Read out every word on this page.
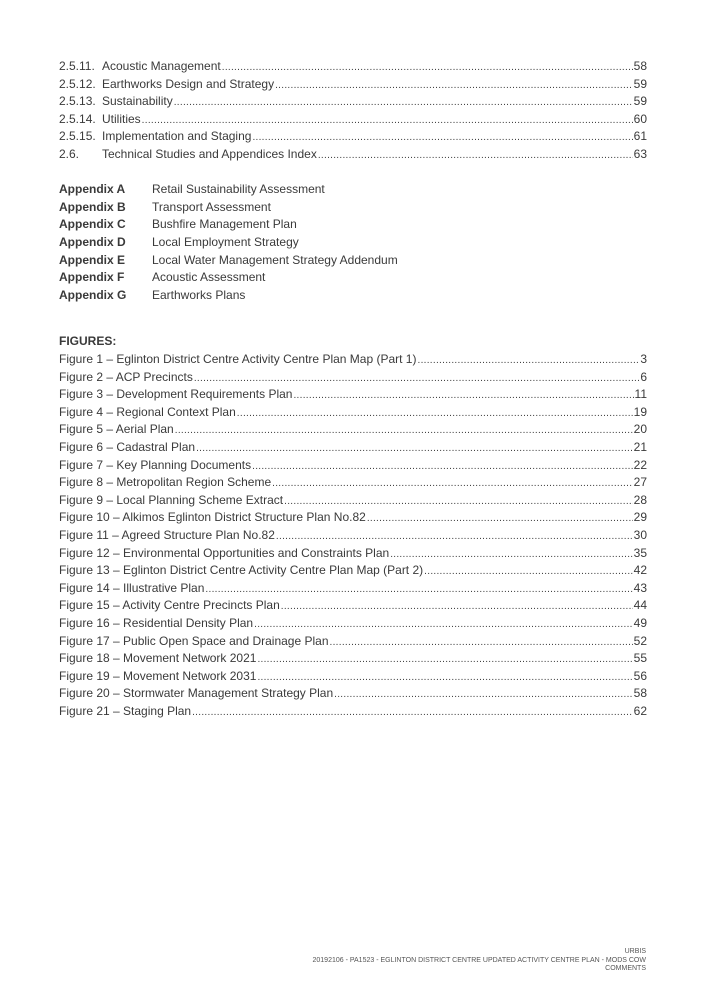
2.5.11. Acoustic Management .....	58
2.5.12. Earthworks Design and Strategy .....	59
2.5.13. Sustainability .....	59
2.5.14. Utilities .....	60
2.5.15. Implementation and Staging .....	61
2.6.	Technical Studies and Appendices Index .....	63
Appendix A	Retail Sustainability Assessment
Appendix B	Transport Assessment
Appendix C	Bushfire Management Plan
Appendix D	Local Employment Strategy
Appendix E	Local Water Management Strategy Addendum
Appendix F	Acoustic Assessment
Appendix G	Earthworks Plans
FIGURES:
Figure 1 – Eglinton District Centre Activity Centre Plan Map (Part 1) .....	3
Figure 2 – ACP Precincts .....	6
Figure 3 – Development Requirements Plan .....	11
Figure 4 – Regional Context Plan .....	19
Figure 5 – Aerial Plan .....	20
Figure 6 – Cadastral Plan .....	21
Figure 7 – Key Planning Documents .....	22
Figure 8 – Metropolitan Region Scheme .....	27
Figure 9 – Local Planning Scheme Extract .....	28
Figure 10 – Alkimos Eglinton District Structure Plan No.82 .....	29
Figure 11 – Agreed Structure Plan No.82 .....	30
Figure 12 – Environmental Opportunities and Constraints Plan .....	35
Figure 13 – Eglinton District Centre Activity Centre Plan Map (Part 2) .....	42
Figure 14 – Illustrative Plan .....	43
Figure 15 – Activity Centre Precincts Plan .....	44
Figure 16 – Residential Density Plan .....	49
Figure 17 – Public Open Space and Drainage Plan .....	52
Figure 18 – Movement Network 2021 .....	55
Figure 19 – Movement Network 2031 .....	56
Figure 20 – Stormwater Management Strategy Plan .....	58
Figure 21 – Staging Plan .....	62
URBIS
20192106 - PA1523 - EGLINTON DISTRICT CENTRE UPDATED ACTIVITY CENTRE PLAN - MODS COW
COMMENTS
